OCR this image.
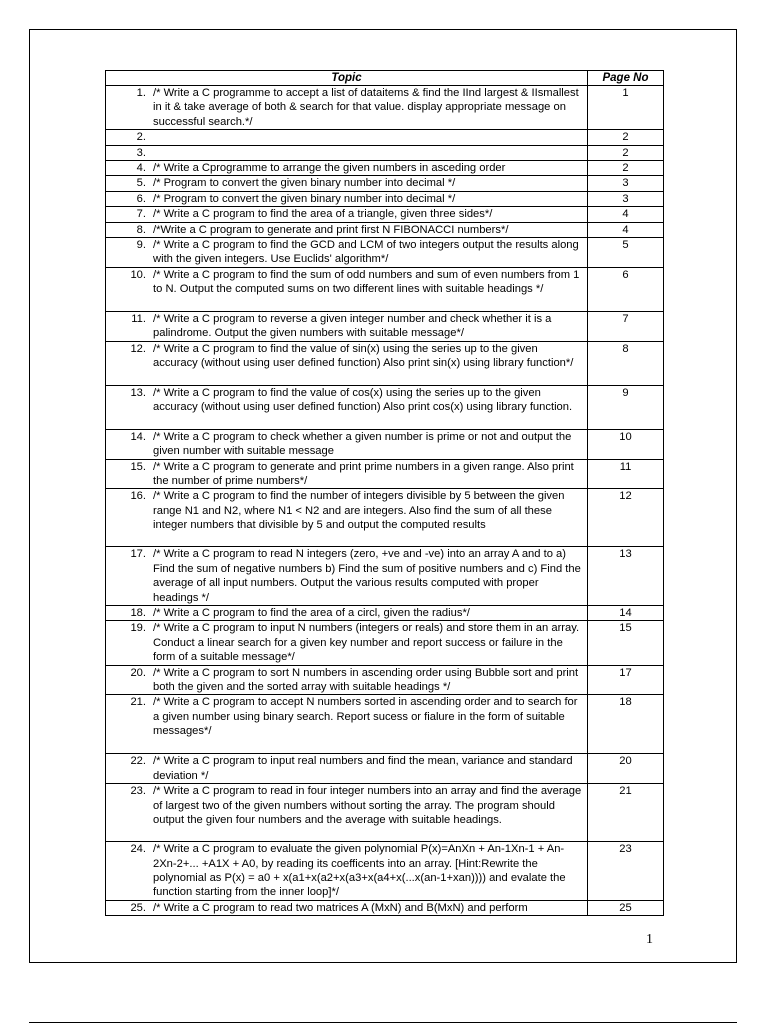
Topic	Page No

1. /* Write a C programme to accept a list of dataitems & find the IInd largest & IIsmallest in it & take average of both & search for that value. display appropriate message on successful search.*/	1

2.	2

3.	2

4. /* Write a Cprogramme to arrange the given numbers in asceding order	2

5. /* Program to convert the given binary number into decimal */	3

6. /* Program to convert the given binary number into decimal */	3

7. /* Write a C program to find the area of a triangle, given three sides*/	4

8. /*Write a C program to generate and print first N FIBONACCI numbers*/	4

9. /* Write a C program to find the GCD and LCM of two integers output the results along with the given integers. Use Euclids' algorithm*/	5

10. /* Write a C program to find the sum of odd numbers and sum of even numbers from 1 to N. Output the computed sums on two different lines with suitable headings */	6

11. /* Write a C program to reverse a given integer number and check whether it is a palindrome. Output the given numbers with suitable message*/	7

12. /* Write a C program to find the value of sin(x) using the series up to the given accuracy (without using user defined function) Also print sin(x) using library function*/	8

13. /* Write a C program to find the value of cos(x) using the series up to the given accuracy (without using user defined function) Also print cos(x) using library function.	9

14. /* Write a C program to check whether a given number is prime or not and output the given number with suitable message	10

15. /* Write a C program to generate and print prime numbers in a given range. Also print the number of prime numbers*/	11

16. /* Write a C program to find the number of integers divisible by 5 between the given range N1 and N2, where N1 < N2 and are integers. Also find the sum of all these integer numbers that divisible by 5 and output the computed results	12

17. /* Write a C program to read N integers (zero, +ve and -ve) into an array A and to a) Find the sum of negative numbers b) Find the sum of positive numbers and c) Find the average of all input numbers. Output the various results computed with proper headings */	13

18. /* Write a C program to find the area of a circl, given the radius*/	14

19. /* Write a C program to input N numbers (integers or reals) and store them in an array. Conduct a linear search for a given key number and report success or failure in the form of a suitable message*/	15

20. /* Write a C program to sort N numbers in ascending order using Bubble sort and print both the given and the sorted array with suitable headings */	17

21. /* Write a C program to accept N numbers sorted in ascending order and to search for a given number using binary search. Report sucess or fialure in the form of suitable messages*/	18

22. /* Write a C program to input real numbers and find the mean, variance and standard deviation */	20

23. /* Write a C program to read in four integer numbers into an array and find the average of largest two of the given numbers without sorting the array. The program should output the given four numbers and the average with suitable headings.	21

24. /* Write a C program to evaluate the given polynomial P(x)=AnXn + An-1Xn-1 + An-2Xn-2+... +A1X + A0, by reading its coefficents into an array. [Hint:Rewrite the polynomial as P(x) = a0 + x(a1+x(a2+x(a3+x(a4+x(...x(an-1+xan)))) and evalate the function starting from the inner loop]*/	23

25. /* Write a C program to read two matrices A (MxN) and B(MxN) and perform	25
1
